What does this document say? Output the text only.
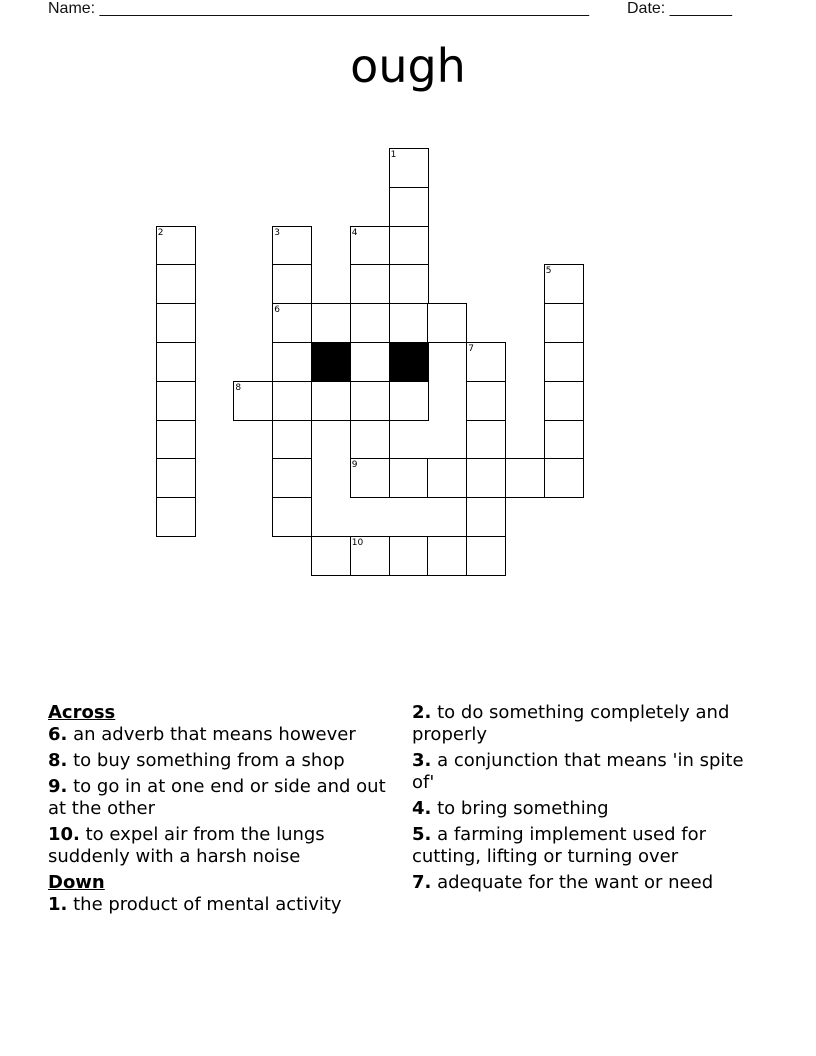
Name: _______________________________________________________ Date: _______
ough
1
2	3	4
5
6
7
8
9
10
Across
6. an adverb that means however
8. to buy something from a shop
9. to go in at one end or side and out at the other
10. to expel air from the lungs suddenly with a harsh noise
Down
1. the product of mental activity
2. to do something completely and properly
3. a conjunction that means 'in spite of'
4. to bring something
5. a farming implement used for cutting, lifting or turning over
7. adequate for the want or need
